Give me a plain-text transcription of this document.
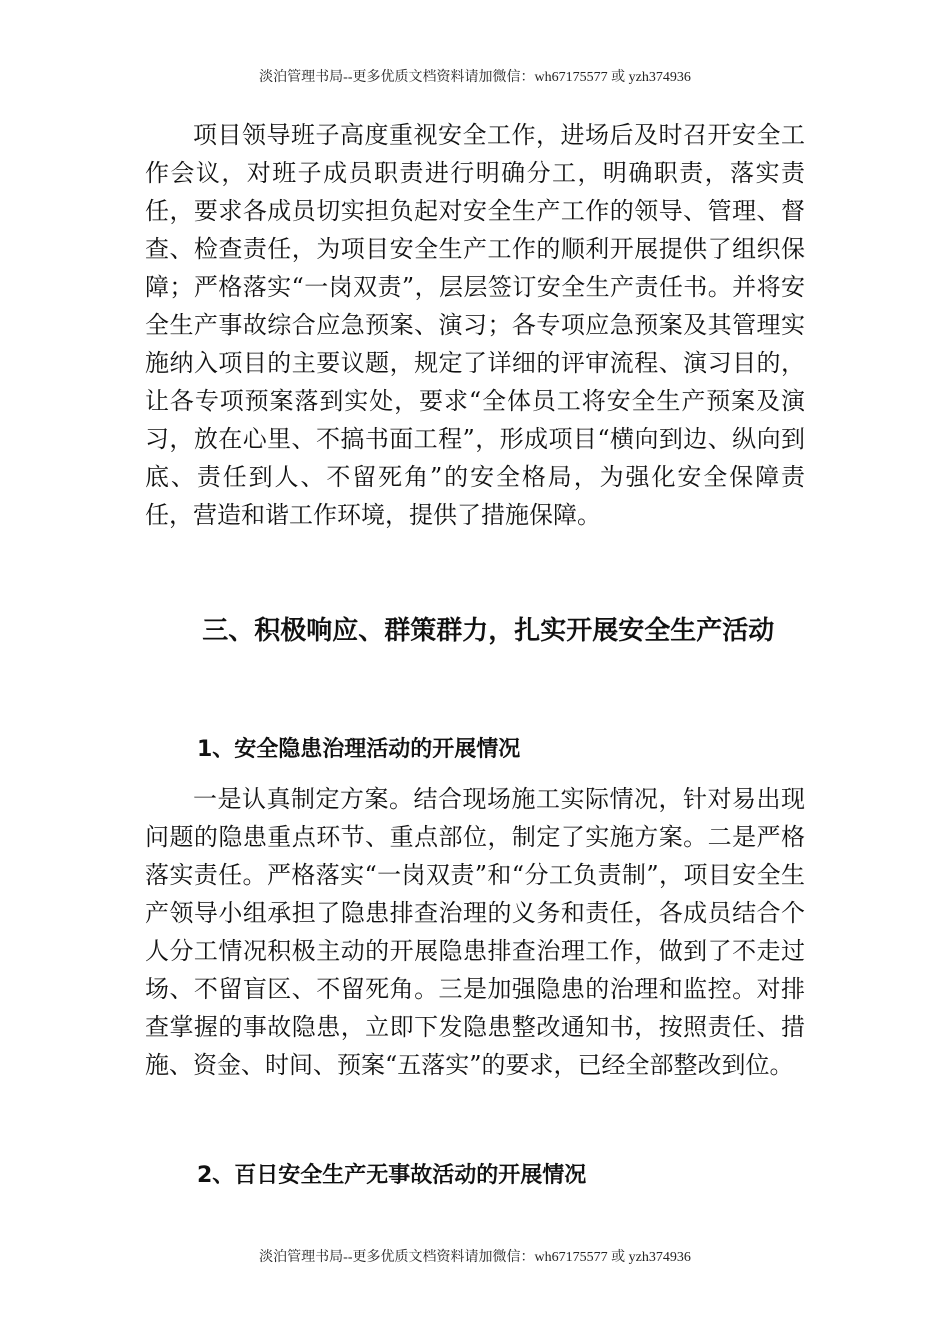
淡泊管理书局--更多优质文档资料请加微信：wh67175577 或 yzh374936

项目领导班子高度重视安全工作，进场后及时召开安全工作会议，对班子成员职责进行明确分工，明确职责，落实责任，要求各成员切实担负起对安全生产工作的领导、管理、督查、检查责任，为项目安全生产工作的顺利开展提供了组织保障；严格落实“一岗双责”，层层签订安全生产责任书。并将安全生产事故综合应急预案、演习；各专项应急预案及其管理实施纳入项目的主要议题，规定了详细的评审流程、演习目的，让各专项预案落到实处，要求“全体员工将安全生产预案及演习，放在心里、不搞书面工程”，形成项目“横向到边、纵向到底、责任到人、不留死角”的安全格局，为强化安全保障责任，营造和谐工作环境，提供了措施保障。

三、积极响应、群策群力，扎实开展安全生产活动
1、安全隐患治理活动的开展情况

一是认真制定方案。结合现场施工实际情况，针对易出现问题的隐患重点环节、重点部位，制定了实施方案。二是严格落实责任。严格落实“一岗双责”和“分工负责制”，项目安全生产领导小组承担了隐患排查治理的义务和责任，各成员结合个人分工情况积极主动的开展隐患排查治理工作，做到了不走过场、不留盲区、不留死角。三是加强隐患的治理和监控。对排查掌握的事故隐患，立即下发隐患整改通知书，按照责任、措施、资金、时间、预案“五落实”的要求，已经全部整改到位。

2、百日安全生产无事故活动的开展情况
淡泊管理书局--更多优质文档资料请加微信：wh67175577 或 yzh374936
